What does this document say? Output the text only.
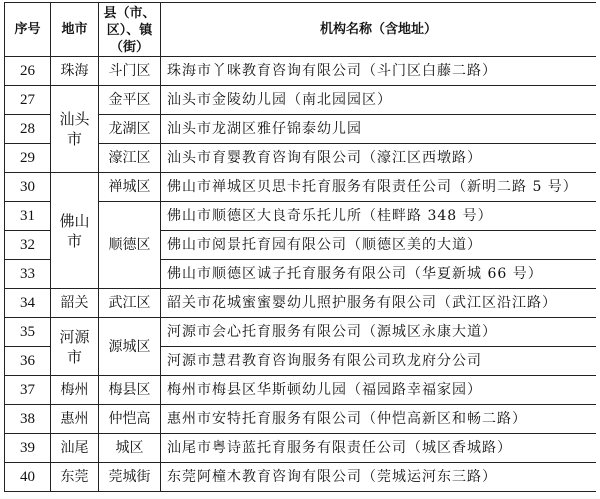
序号	地市	县（市、区）、镇（街）	机构名称（含地址）
26	珠海	斗门区	珠海市丫咪教育咨询有限公司（斗门区白藤二路）
27	汕头市	金平区	汕头市金陵幼儿园（南北园园区）
28		龙湖区	汕头市龙湖区雅仔锦泰幼儿园
29		濠江区	汕头市育婴教育咨询有限公司（濠江区西墩路）
30	佛山市	禅城区	佛山市禅城区贝思卡托育服务有限责任公司（新明二路 5 号）
31		顺德区	佛山市顺德区大良奇乐托儿所（桂畔路 348 号）
32			佛山市阅景托育园有限公司（顺德区美的大道）
33			佛山市顺德区诚子托育服务有限公司（华夏新城 66 号）
34	韶关	武江区	韶关市花城蜜蜜婴幼儿照护服务有限公司（武江区沿江路）
35	河源市	源城区	河源市会心托育服务有限公司（源城区永康大道）
36			河源市慧君教育咨询服务有限公司玖龙府分公司
37	梅州	梅县区	梅州市梅县区华斯顿幼儿园（福园路幸福家园）
38	惠州	仲恺高	惠州市安特托育服务有限公司（仲恺高新区和畅二路）
39	汕尾	城区	汕尾市粤诗蓝托育服务有限责任公司（城区香城路）
40	东莞	莞城街	东莞阿橦木教育咨询有限公司（莞城运河东三路）
